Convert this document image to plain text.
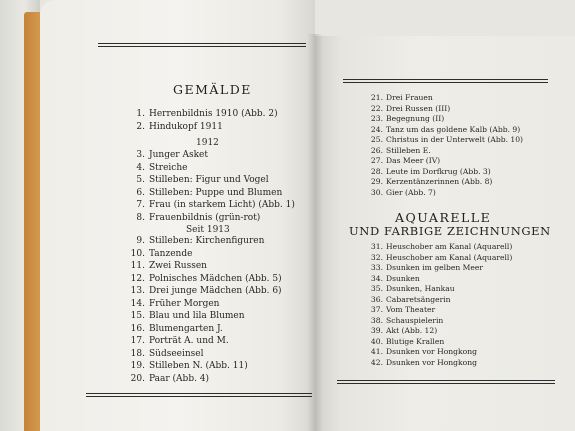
GEMÄLDE
1. Herrenbildnis 1910 (Abb. 2)
2. Hindukopf 1911
1912
3. Junger Asket
4. Streiche
5. Stilleben: Figur und Vogel
6. Stilleben: Puppe und Blumen
7. Frau (in starkem Licht) (Abb. 1)
8. Frauenbildnis (grün-rot)
Seit 1913
9. Stilleben: Kirchenfiguren
10. Tanzende
11. Zwei Russen
12. Polnisches Mädchen (Abb. 5)
13. Drei junge Mädchen (Abb. 6)
14. Früher Morgen
15. Blau und lila Blumen
16. Blumengarten J.
17. Porträt A. und M.
18. Südseeinsel
19. Stilleben N. (Abb. 11)
20. Paar (Abb. 4)
21. Drei Frauen
22. Drei Russen (III)
23. Begegnung (II)
24. Tanz um das goldene Kalb (Abb. 9)
25. Christus in der Unterwelt (Abb. 10)
26. Stilleben E.
27. Das Meer (IV)
28. Leute im Dorfkrug (Abb. 3)
29. Kerzentänzerinnen (Abb. 8)
30. Gier (Abb. 7)
AQUARELLE
UND FARBIGE ZEICHNUNGEN
31. Heuschober am Kanal (Aquarell)
32. Heuschober am Kanal (Aquarell)
33. Dsunken im gelben Meer
34. Dsunken
35. Dsunken, Hankau
36. Cabaretsängerin
37. Vom Theater
38. Schauspielerin
39. Akt (Abb. 12)
40. Blutige Krallen
41. Dsunken vor Hongkong
42. Dsunken vor Hongkong
